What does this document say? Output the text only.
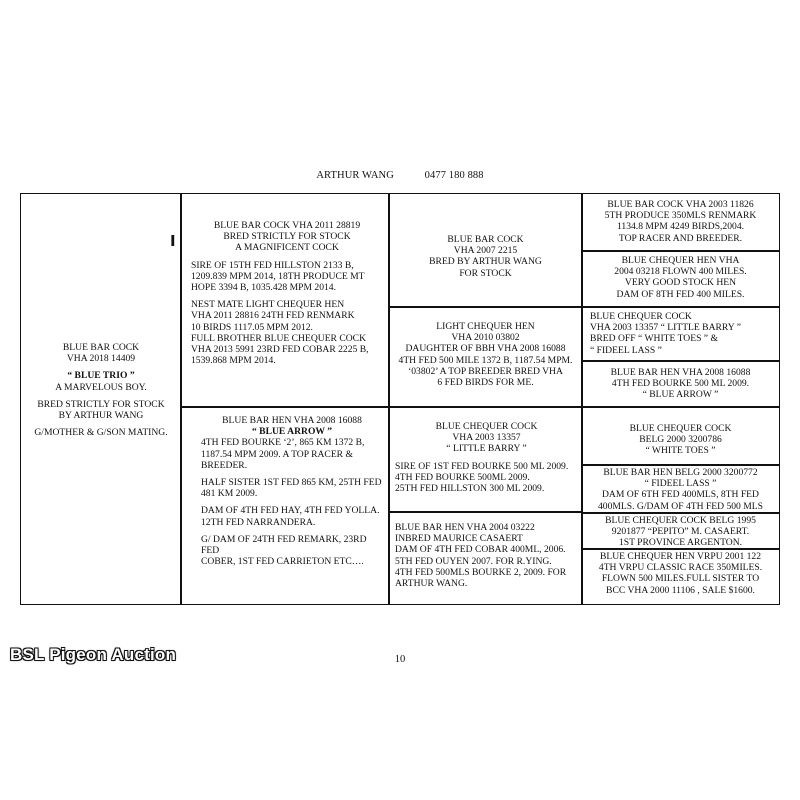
ARTHUR WANG	0477 180 888

BLUE BAR COCK

VHA 2018 14409

“ BLUE TRIO ”

A MARVELOUS BOY.

BRED STRICTLY FOR STOCK
BY ARTHUR WANG

G/MOTHER & G/SON MATING.

BLUE BAR COCK VHA 2011 28819
BRED STRICTLY FOR STOCK
A MAGNIFICENT COCK

SIRE OF 15TH FED HILLSTON 2133 B,
1209.839 MPM 2014, 18TH PRODUCE MT
HOPE 3394 B, 1035.428 MPM 2014.

NEST MATE LIGHT CHEQUER HEN
VHA 2011 28816 24TH FED RENMARK
10 BIRDS 1117.05 MPM 2012.
FULL BROTHER BLUE CHEQUER COCK
VHA 2013 5991 23RD FED COBAR 2225 B,
1539.868 MPM 2014.

BLUE BAR HEN VHA 2008 16088

“ BLUE ARROW ”

4TH FED BOURKE ‘2’, 865 KM 1372 B,
1187.54 MPM 2009. A TOP RACER &
BREEDER.

HALF SISTER 1ST FED 865 KM, 25TH FED
481 KM 2009.

DAM OF 4TH FED HAY, 4TH FED YOLLA.
12TH FED NARRANDERA.

G/ DAM OF 24TH FED REMARK, 23RD FED
COBER, 1ST FED CARRIETON ETC….

BLUE BAR COCK
VHA 2007 2215
BRED BY ARTHUR WANG
FOR STOCK

LIGHT CHEQUER HEN
VHA 2010 03802
DAUGHTER OF BBH VHA 2008 16088
4TH FED 500 MILE 1372 B, 1187.54 MPM.
‘03802’ A TOP BREEDER BRED VHA
6 FED BIRDS FOR ME.

BLUE CHEQUER COCK
VHA 2003 13357
“ LITTLE BARRY ”

SIRE OF 1ST FED BOURKE 500 ML 2009.
4TH FED BOURKE 500ML 2009.
25TH FED HILLSTON 300 ML 2009.

BLUE BAR HEN VHA 2004 03222
INBRED MAURICE CASAERT
DAM OF 4TH FED COBAR 400ML, 2006.
5TH FED OUYEN 2007. FOR R.YING.
4TH FED 500MLS BOURKE 2, 2009. FOR
ARTHUR WANG.

BLUE BAR COCK VHA 2003 11826
5TH PRODUCE 350MLS RENMARK
1134.8 MPM 4249 BIRDS,2004.
TOP RACER AND BREEDER.

BLUE CHEQUER HEN VHA
2004 03218 FLOWN 400 MILES.
VERY GOOD STOCK HEN
DAM OF 8TH FED 400 MILES.

BLUE CHEQUER COCK
VHA 2003 13357 “ LITTLE BARRY ”
BRED OFF “ WHITE TOES ” &
“ FIDEEL LASS ”

BLUE BAR HEN VHA 2008 16088
4TH FED BOURKE 500 ML 2009.
“ BLUE ARROW ”

BLUE CHEQUER COCK
BELG 2000 3200786
“ WHITE TOES ”

BLUE BAR HEN BELG 2000 3200772
“ FIDEEL LASS ”
DAM OF 6TH FED 400MLS, 8TH FED
400MLS. G/DAM OF 4TH FED 500 MLS

BLUE CHEQUER COCK BELG 1995
9201877 “PEPITO” M. CASAERT.
1ST PROVINCE ARGENTON.

BLUE CHEQUER HEN VRPU 2001 122
4TH VRPU CLASSIC RACE 350MILES.
FLOWN 500 MILES.FULL SISTER TO
BCC VHA 2000 11106 , SALE $1600.

I
BSL Pigeon Auction	10
